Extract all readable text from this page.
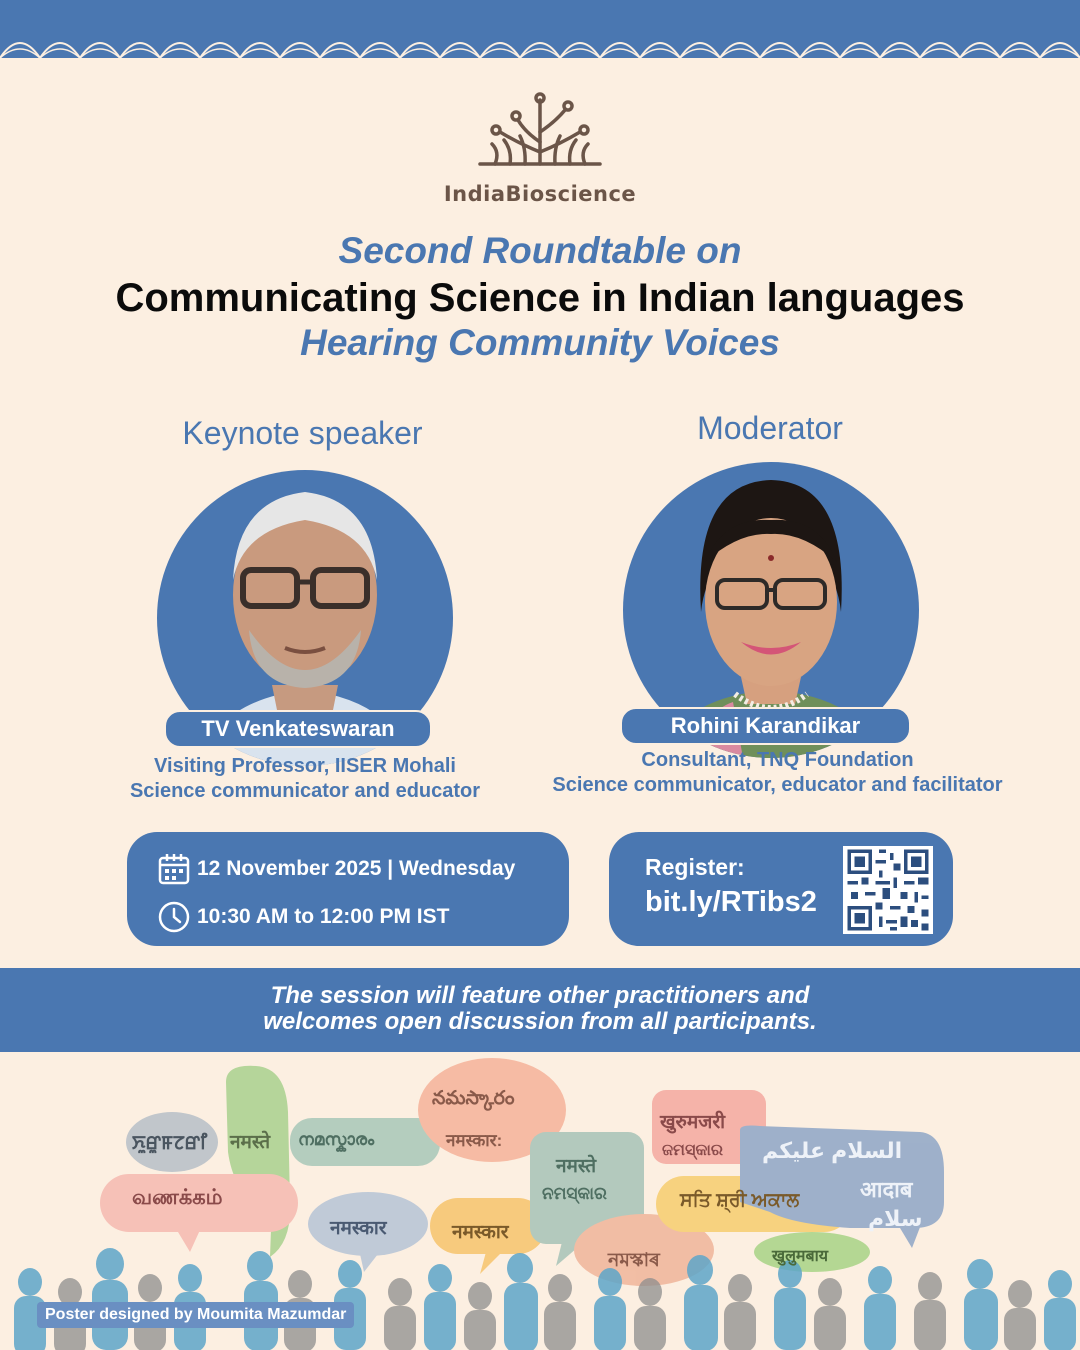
IndiaBioscience
Second Roundtable on
Communicating Science in Indian languages
Hearing Community Voices
Keynote speaker
TV Venkateswaran
Visiting Professor, IISER Mohali
Science communicator and educator
Moderator
Rohini Karandikar
Consultant, TNQ Foundation
Science communicator, educator and facilitator
12 November 2025 | Wednesday
10:30 AM to 12:00 PM IST
Register:
bit.ly/RTibs2
The session will feature other practitioners and
welcomes open discussion from all participants.
ꯈꯨꯔꯨꯝꯖꯔꯤ नमस्ते നമസ്കാരം
నమస్కారం
नमस्कार:
नमस्ते
ନମସ୍କାର
खुरुमजरी
ଜମସ୍କାର السلام عليكم
आदाब
سلام
வணக்கம்
नमस्कार	नमस्कार
ਸਤਿ ਸ਼੍ਰੀ ਅਕਾਲ
নমস্কাৰ	खुलुमबाय
Poster designed by Moumita Mazumdar
